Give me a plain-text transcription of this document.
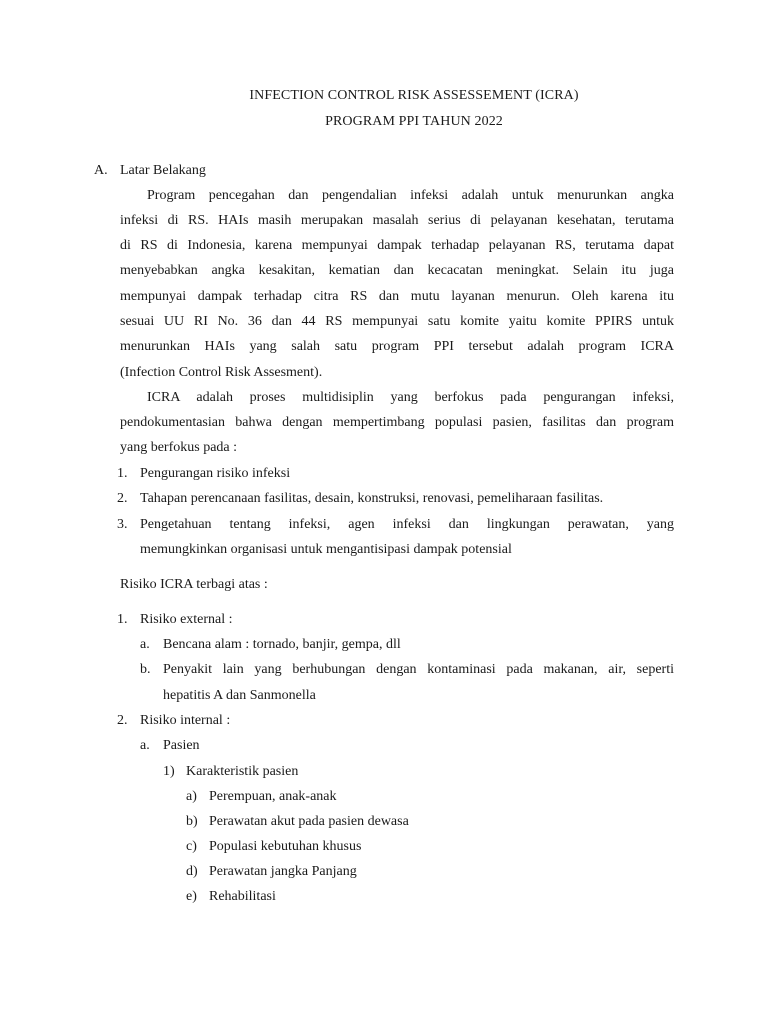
INFECTION CONTROL RISK ASSESSEMENT (ICRA)
PROGRAM PPI TAHUN 2022
A. Latar Belakang
Program pencegahan dan pengendalian infeksi adalah untuk menurunkan angka
infeksi di RS. HAIs masih merupakan masalah serius di pelayanan kesehatan, terutama
di RS di Indonesia, karena mempunyai dampak terhadap pelayanan RS, terutama dapat
menyebabkan angka kesakitan, kematian dan kecacatan meningkat. Selain itu juga
mempunyai dampak terhadap citra RS dan mutu layanan menurun. Oleh karena itu
sesuai UU RI No. 36 dan 44 RS mempunyai satu komite yaitu komite PPIRS untuk
menurunkan HAIs yang salah satu program PPI tersebut adalah program ICRA
(Infection Control Risk Assesment).
ICRA adalah proses multidisiplin yang berfokus pada pengurangan infeksi,
pendokumentasian bahwa dengan mempertimbang populasi pasien, fasilitas dan program
yang berfokus pada :
1. Pengurangan risiko infeksi
2. Tahapan perencanaan fasilitas, desain, konstruksi, renovasi, pemeliharaan fasilitas.
3. Pengetahuan tentang infeksi, agen infeksi dan lingkungan perawatan, yang
memungkinkan organisasi untuk mengantisipasi dampak potensial
Risiko ICRA terbagi atas :
1. Risiko external :
a. Bencana alam : tornado, banjir, gempa, dll
b. Penyakit lain yang berhubungan dengan kontaminasi pada makanan, air, seperti
hepatitis A dan Sanmonella
2. Risiko internal :
a. Pasien
1) Karakteristik pasien
a) Perempuan, anak-anak
b) Perawatan akut pada pasien dewasa
c) Populasi kebutuhan khusus
d) Perawatan jangka Panjang
e) Rehabilitasi
